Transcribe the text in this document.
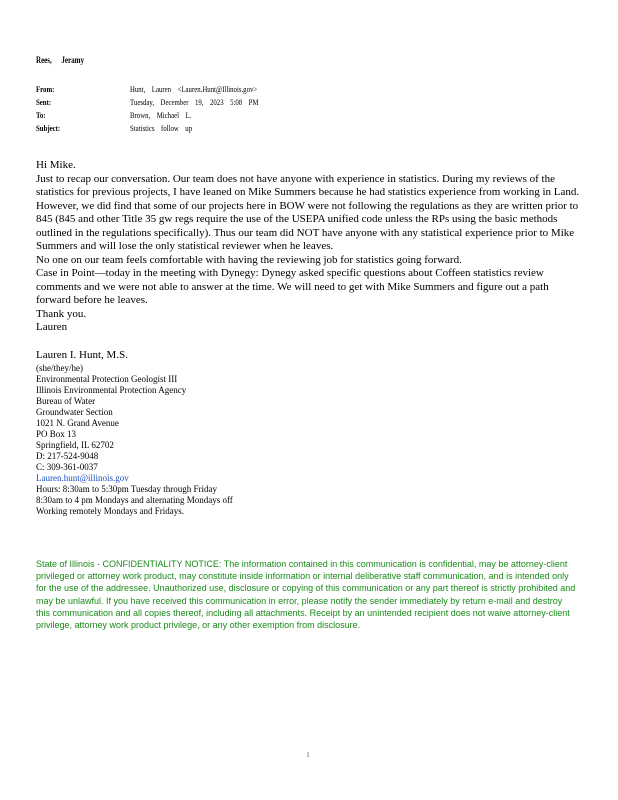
Rees, Jeramy
From:	Hunt, Lauren <Lauren.Hunt@Illinois.gov>
Sent:	Tuesday, December 19, 2023 5:08 PM
To:	Brown, Michael L.
Subject:	Statistics follow up

Hi Mike.

Just to recap our conversation. Our team does not have anyone with experience in statistics. During my reviews of the statistics for previous projects, I have leaned on Mike Summers because he had statistics experience from working in Land. However, we did find that some of our projects here in BOW were not following the regulations as they are written prior to 845 (845 and other Title 35 gw regs require the use of the USEPA unified code unless the RPs using the basic methods outlined in the regulations specifically). Thus our team did NOT have anyone with any statistical experience prior to Mike Summers and will lose the only statistical reviewer when he leaves.

No one on our team feels comfortable with having the reviewing job for statistics going forward.

Case in Point—today in the meeting with Dynegy: Dynegy asked specific questions about Coffeen statistics review comments and we were not able to answer at the time. We will need to get with Mike Summers and figure out a path forward before he leaves.

Thank you.

Lauren

Lauren I. Hunt, M.S.
(she/they/he)
Environmental Protection Geologist III
Illinois Environmental Protection Agency
Bureau of Water
Groundwater Section
1021 N. Grand Avenue
PO Box 13
Springfield, IL 62702
D: 217-524-9048
C: 309-361-0037
Lauren.hunt@illinois.gov
Hours: 8:30am to 5:30pm Tuesday through Friday
8:30am to 4 pm Mondays and alternating Mondays off
Working remotely Mondays and Fridays.
State of Illinois - CONFIDENTIALITY NOTICE: The information contained in this communication is confidential, may be attorney-client privileged or attorney work product, may constitute inside information or internal deliberative staff communication, and is intended only for the use of the addressee. Unauthorized use, disclosure or copying of this communication or any part thereof is strictly prohibited and may be unlawful. If you have received this communication in error, please notify the sender immediately by return e-mail and destroy this communication and all copies thereof, including all attachments. Receipt by an unintended recipient does not waive attorney-client privilege, attorney work product privilege, or any other exemption from disclosure.
1
